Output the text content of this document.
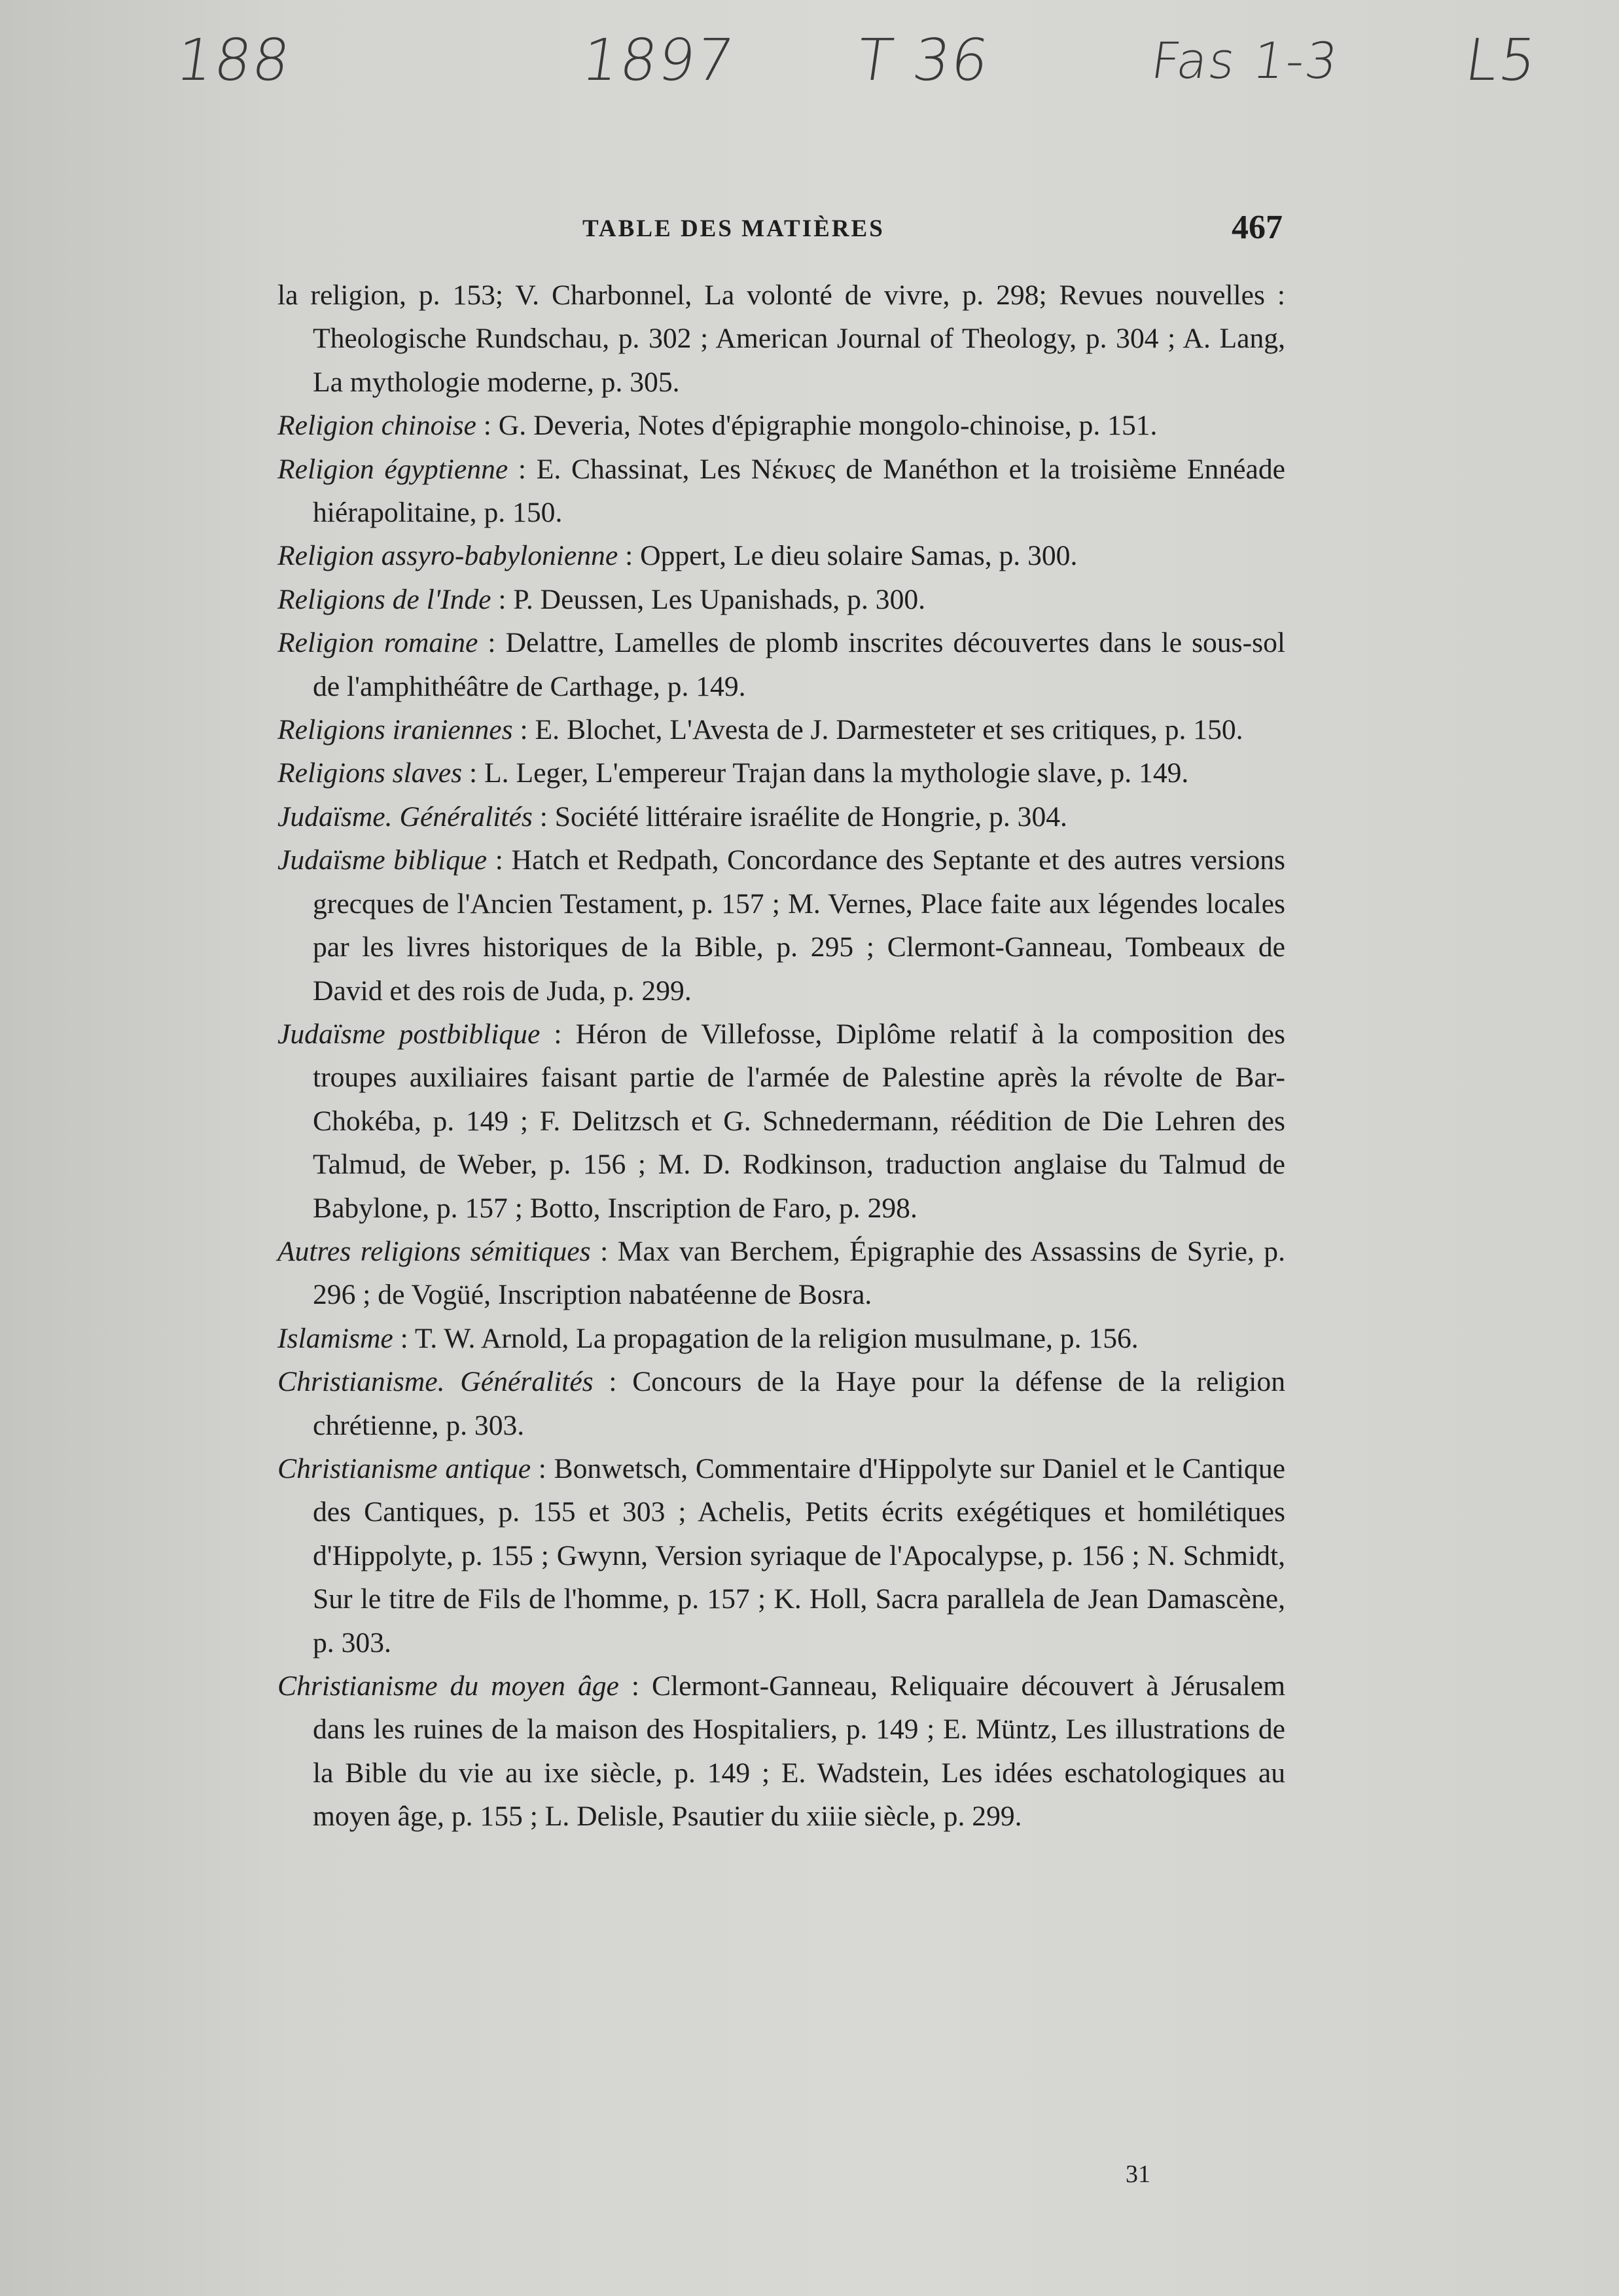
188	1897 T 36	Fas 1-3 L5
TABLE DES MATIÈRES	467

la religion, p. 153; V. Charbonnel, La volonté de vivre, p. 298; Revues nouvelles : Theologische Rundschau, p. 302 ; American Journal of Theology, p. 304 ; A. Lang, La mythologie moderne, p. 305.

Religion chinoise : G. Deveria, Notes d'épigraphie mongolo-chinoise, p. 151.

Religion égyptienne : E. Chassinat, Les Νέκυες de Manéthon et la troisième Ennéade hiérapolitaine, p. 150.

Religion assyro-babylonienne : Oppert, Le dieu solaire Samas, p. 300.

Religions de l'Inde : P. Deussen, Les Upanishads, p. 300.

Religion romaine : Delattre, Lamelles de plomb inscrites découvertes dans le sous-sol de l'amphithéâtre de Carthage, p. 149.

Religions iraniennes : E. Blochet, L'Avesta de J. Darmesteter et ses critiques, p. 150.

Religions slaves : L. Leger, L'empereur Trajan dans la mythologie slave, p. 149.

Judaïsme. Généralités : Société littéraire israélite de Hongrie, p. 304.

Judaïsme biblique : Hatch et Redpath, Concordance des Septante et des autres versions grecques de l'Ancien Testament, p. 157 ; M. Vernes, Place faite aux légendes locales par les livres historiques de la Bible, p. 295 ; Clermont-Ganneau, Tombeaux de David et des rois de Juda, p. 299.

Judaïsme postbiblique : Héron de Villefosse, Diplôme relatif à la composition des troupes auxiliaires faisant partie de l'armée de Palestine après la révolte de Bar-Chokéba, p. 149 ; F. Delitzsch et G. Schnedermann, réédition de Die Lehren des Talmud, de Weber, p. 156 ; M. D. Rodkinson, traduction anglaise du Talmud de Babylone, p. 157 ; Botto, Inscription de Faro, p. 298.

Autres religions sémitiques : Max van Berchem, Épigraphie des Assassins de Syrie, p. 296 ; de Vogüé, Inscription nabatéenne de Bosra.

Islamisme : T. W. Arnold, La propagation de la religion musulmane, p. 156.

Christianisme. Généralités : Concours de la Haye pour la défense de la religion chrétienne, p. 303.

Christianisme antique : Bonwetsch, Commentaire d'Hippolyte sur Daniel et le Cantique des Cantiques, p. 155 et 303 ; Achelis, Petits écrits exégétiques et homilétiques d'Hippolyte, p. 155 ; Gwynn, Version syriaque de l'Apocalypse, p. 156 ; N. Schmidt, Sur le titre de Fils de l'homme, p. 157 ; K. Holl, Sacra parallela de Jean Damascène, p. 303.

Christianisme du moyen âge : Clermont-Ganneau, Reliquaire découvert à Jérusalem dans les ruines de la maison des Hospitaliers, p. 149 ; E. Müntz, Les illustrations de la Bible du vie au ixe siècle, p. 149 ; E. Wadstein, Les idées eschatologiques au moyen âge, p. 155 ; L. Delisle, Psautier du xiiie siècle, p. 299.

31
